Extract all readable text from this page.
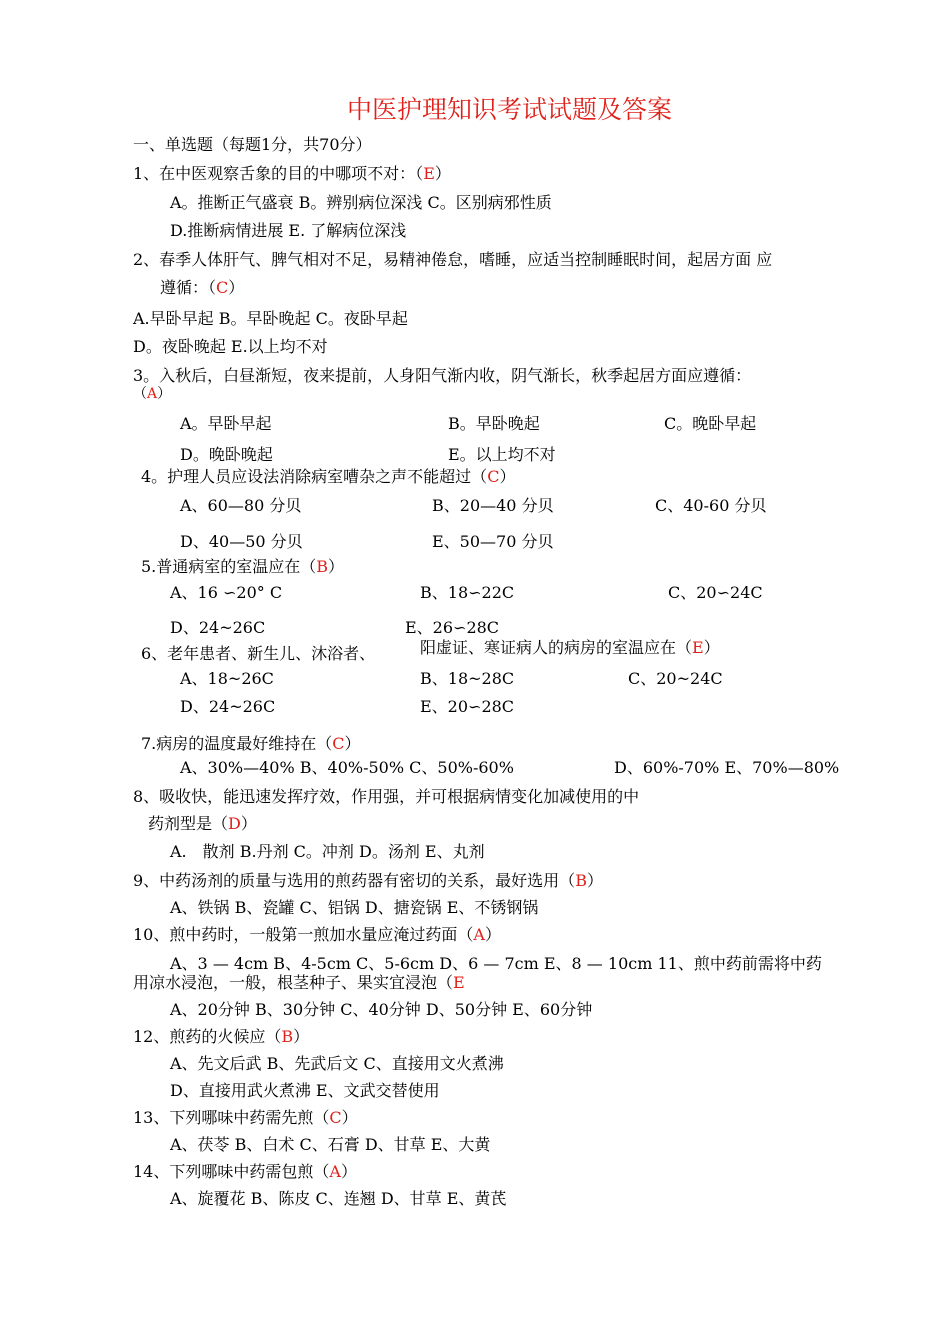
中医护理知识考试试题及答案
一、单选题（每题1分，共70分）
1、在中医观察舌象的目的中哪项不对：（E）
A。推断正气盛衰 B。辨别病位深浅 C。区别病邪性质
D.推断病情进展 E. 了解病位深浅
2、春季人体肝气、脾气相对不足，易精神倦怠，嗜睡，应适当控制睡眠时间，起居方面 应
遵循：（C）
A.早卧早起 B。早卧晚起 C。夜卧早起
D。夜卧晚起 E.以上均不对
3。入秋后，白昼渐短，夜来提前，人身阳气渐内收，阴气渐长，秋季起居方面应遵循：
（A）
A。早卧早起	B。早卧晚起	C。晚卧早起
D。晚卧晚起	E。以上均不对
4。护理人员应设法消除病室嘈杂之声不能超过（C）
A、60—80 分贝	B、20—40 分贝	C、40-60 分贝
D、40—50 分贝	E、50—70 分贝
5.普通病室的室温应在（B）
A、16 ∽20° C	B、18∽22C	C、20∽24C
D、24~26C	E、26∽28C
6、老年患者、新生儿、沐浴者、	阳虚证、寒证病人的病房的室温应在（E）
A、18~26C	B、18~28C	C、20~24C
D、24~26C	E、20∽28C
7.病房的温度最好维持在（C）
A、30%—40% B、40%-50% C、50%-60%	D、60%-70% E、70%—80%
8、吸收快，能迅速发挥疗效，作用强，并可根据病情变化加减使用的中
药剂型是（D）
A.　散剂 B.丹剂 C。冲剂 D。汤剂 E、丸剂
9、中药汤剂的质量与选用的煎药器有密切的关系，最好选用（B）
A、铁锅 B、瓷罐 C、铝锅 D、搪瓷锅 E、不锈钢锅
10、煎中药时，一般第一煎加水量应淹过药面（A）
A、3 — 4cm B、4-5cm C、5-6cm D、6 — 7cm E、8 — 10cm 11、煎中药前需将中药
用凉水浸泡，一般，根茎种子、果实宜浸泡（E
A、20分钟 B、30分钟 C、40分钟 D、50分钟 E、60分钟
12、煎药的火候应（B）
A、先文后武 B、先武后文 C、直接用文火煮沸
D、直接用武火煮沸 E、文武交替使用
13、下列哪味中药需先煎（C）
A、茯苓 B、白术 C、石膏 D、甘草 E、大黄
14、下列哪味中药需包煎（A）
A、旋覆花 B、陈皮 C、连翘 D、甘草 E、黄芪
